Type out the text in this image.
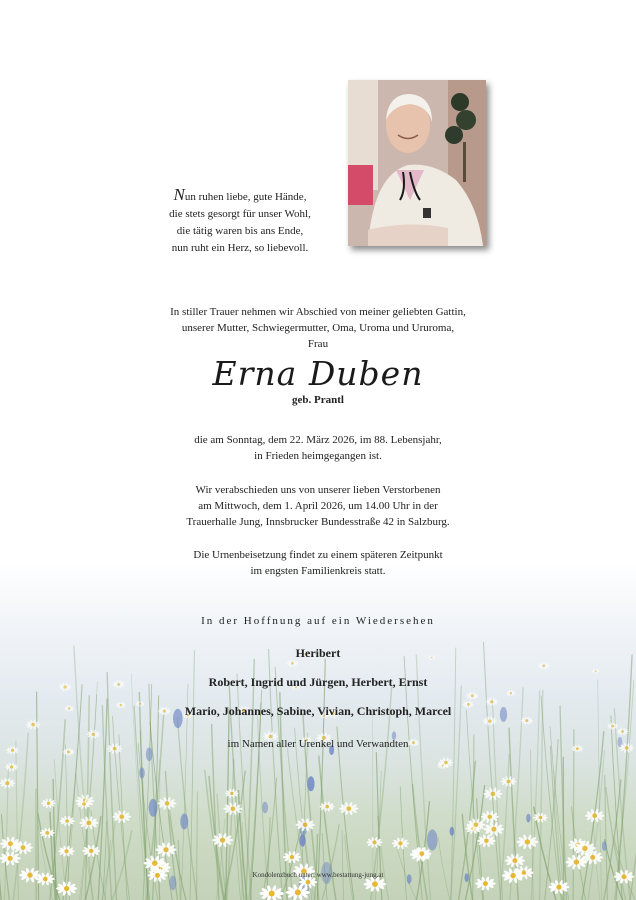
Nun ruhen liebe, gute Hände,
die stets gesorgt für unser Wohl,
die tätig waren bis ans Ende,
nun ruht ein Herz, so liebevoll.
In stiller Trauer nehmen wir Abschied von meiner geliebten Gattin,
unserer Mutter, Schwiegermutter, Oma, Uroma und Ururoma,
Frau
Erna Duben
geb. Prantl
die am Sonntag, dem 22. März 2026, im 88. Lebensjahr,
in Frieden heimgegangen ist.
Wir verabschieden uns von unserer lieben Verstorbenen
am Mittwoch, dem 1. April 2026, um 14.00 Uhr in der
Trauerhalle Jung, Innsbrucker Bundesstraße 42 in Salzburg.
Die Urnenbeisetzung findet zu einem späteren Zeitpunkt
im engsten Familienkreis statt.
In der Hoffnung auf ein Wiedersehen
Heribert
Robert, Ingrid und Jürgen, Herbert, Ernst
Mario, Johannes, Sabine, Vivian, Christoph, Marcel
im Namen aller Urenkel und Verwandten
Kondolenzbuch unter: www.bestattung-jung.at
